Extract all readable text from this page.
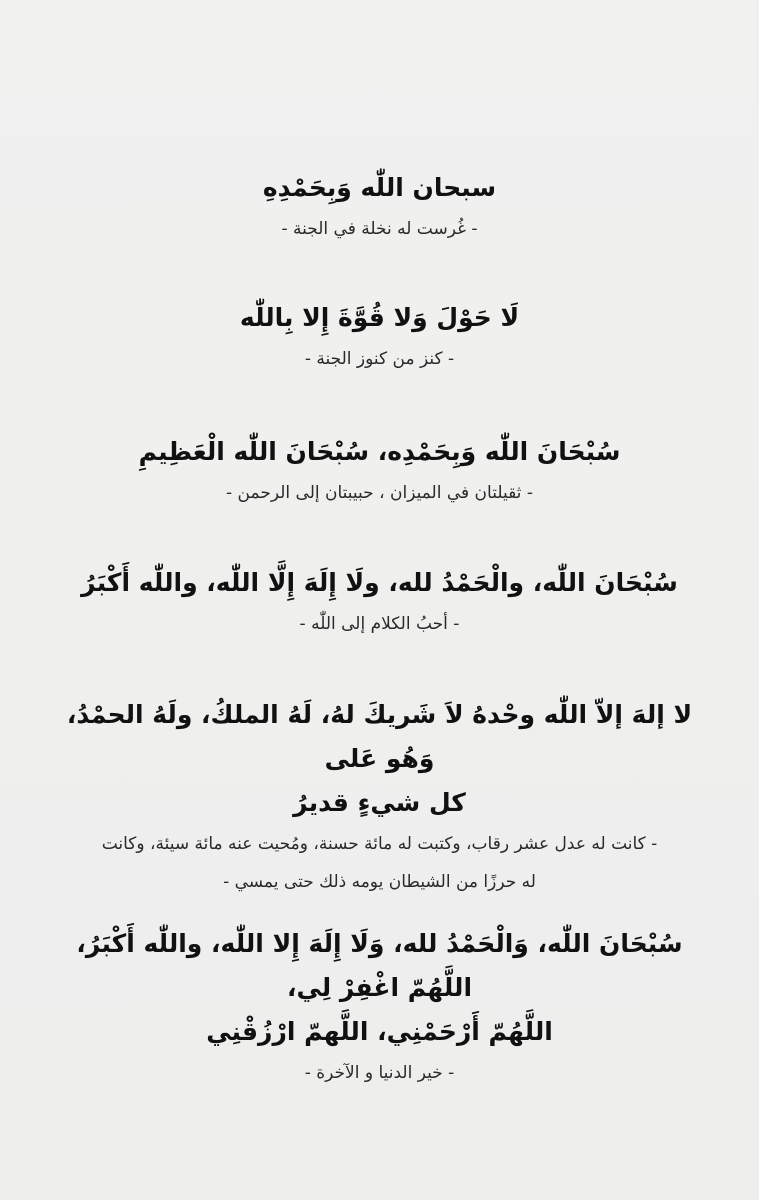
سبحان اللّٰه وَبِحَمْدِهِ

- غُرست له نخلة في الجنة -

لَا حَوْلَ وَلا قُوَّةَ إِلا بِاللّٰه

- كنز من كنوز الجنة -

سُبْحَانَ اللّٰه وَبِحَمْدِه، سُبْحَانَ اللّٰه الْعَظِيمِ

- ثقيلتان في الميزان ، حبيبتان إلى الرحمن -

سُبْحَانَ اللّٰه، والْحَمْدُ لله، ولَا إِلَهَ إِلَّا اللّٰه، واللّٰه أَكْبَرُ

- أحبُ الكلام إلى اللّٰه -

لا إلهَ إلاّ اللّٰه وحْدهُ لاَ شَريكَ لهُ، لَهُ الملكُ، ولَهُ الحمْدُ، وَهُو عَلى

كل شيءٍ قديرُ

- كانت له عدل عشر رقاب، وكتبت له مائة حسنة، ومُحيت عنه مائة سيئة، وكانت

له حرزًا من الشيطان يومه ذلك حتى يمسي -

سُبْحَانَ اللّٰه، وَالْحَمْدُ لله، وَلَا إِلَهَ إِلا اللّٰه، واللّٰه أَكْبَرُ، اللَّهُمّ اغْفِرْ لِي،

اللَّهُمّ أَرْحَمْنِي، اللَّهمّ ارْزُقْنِي

- خير الدنيا و الآخرة -
